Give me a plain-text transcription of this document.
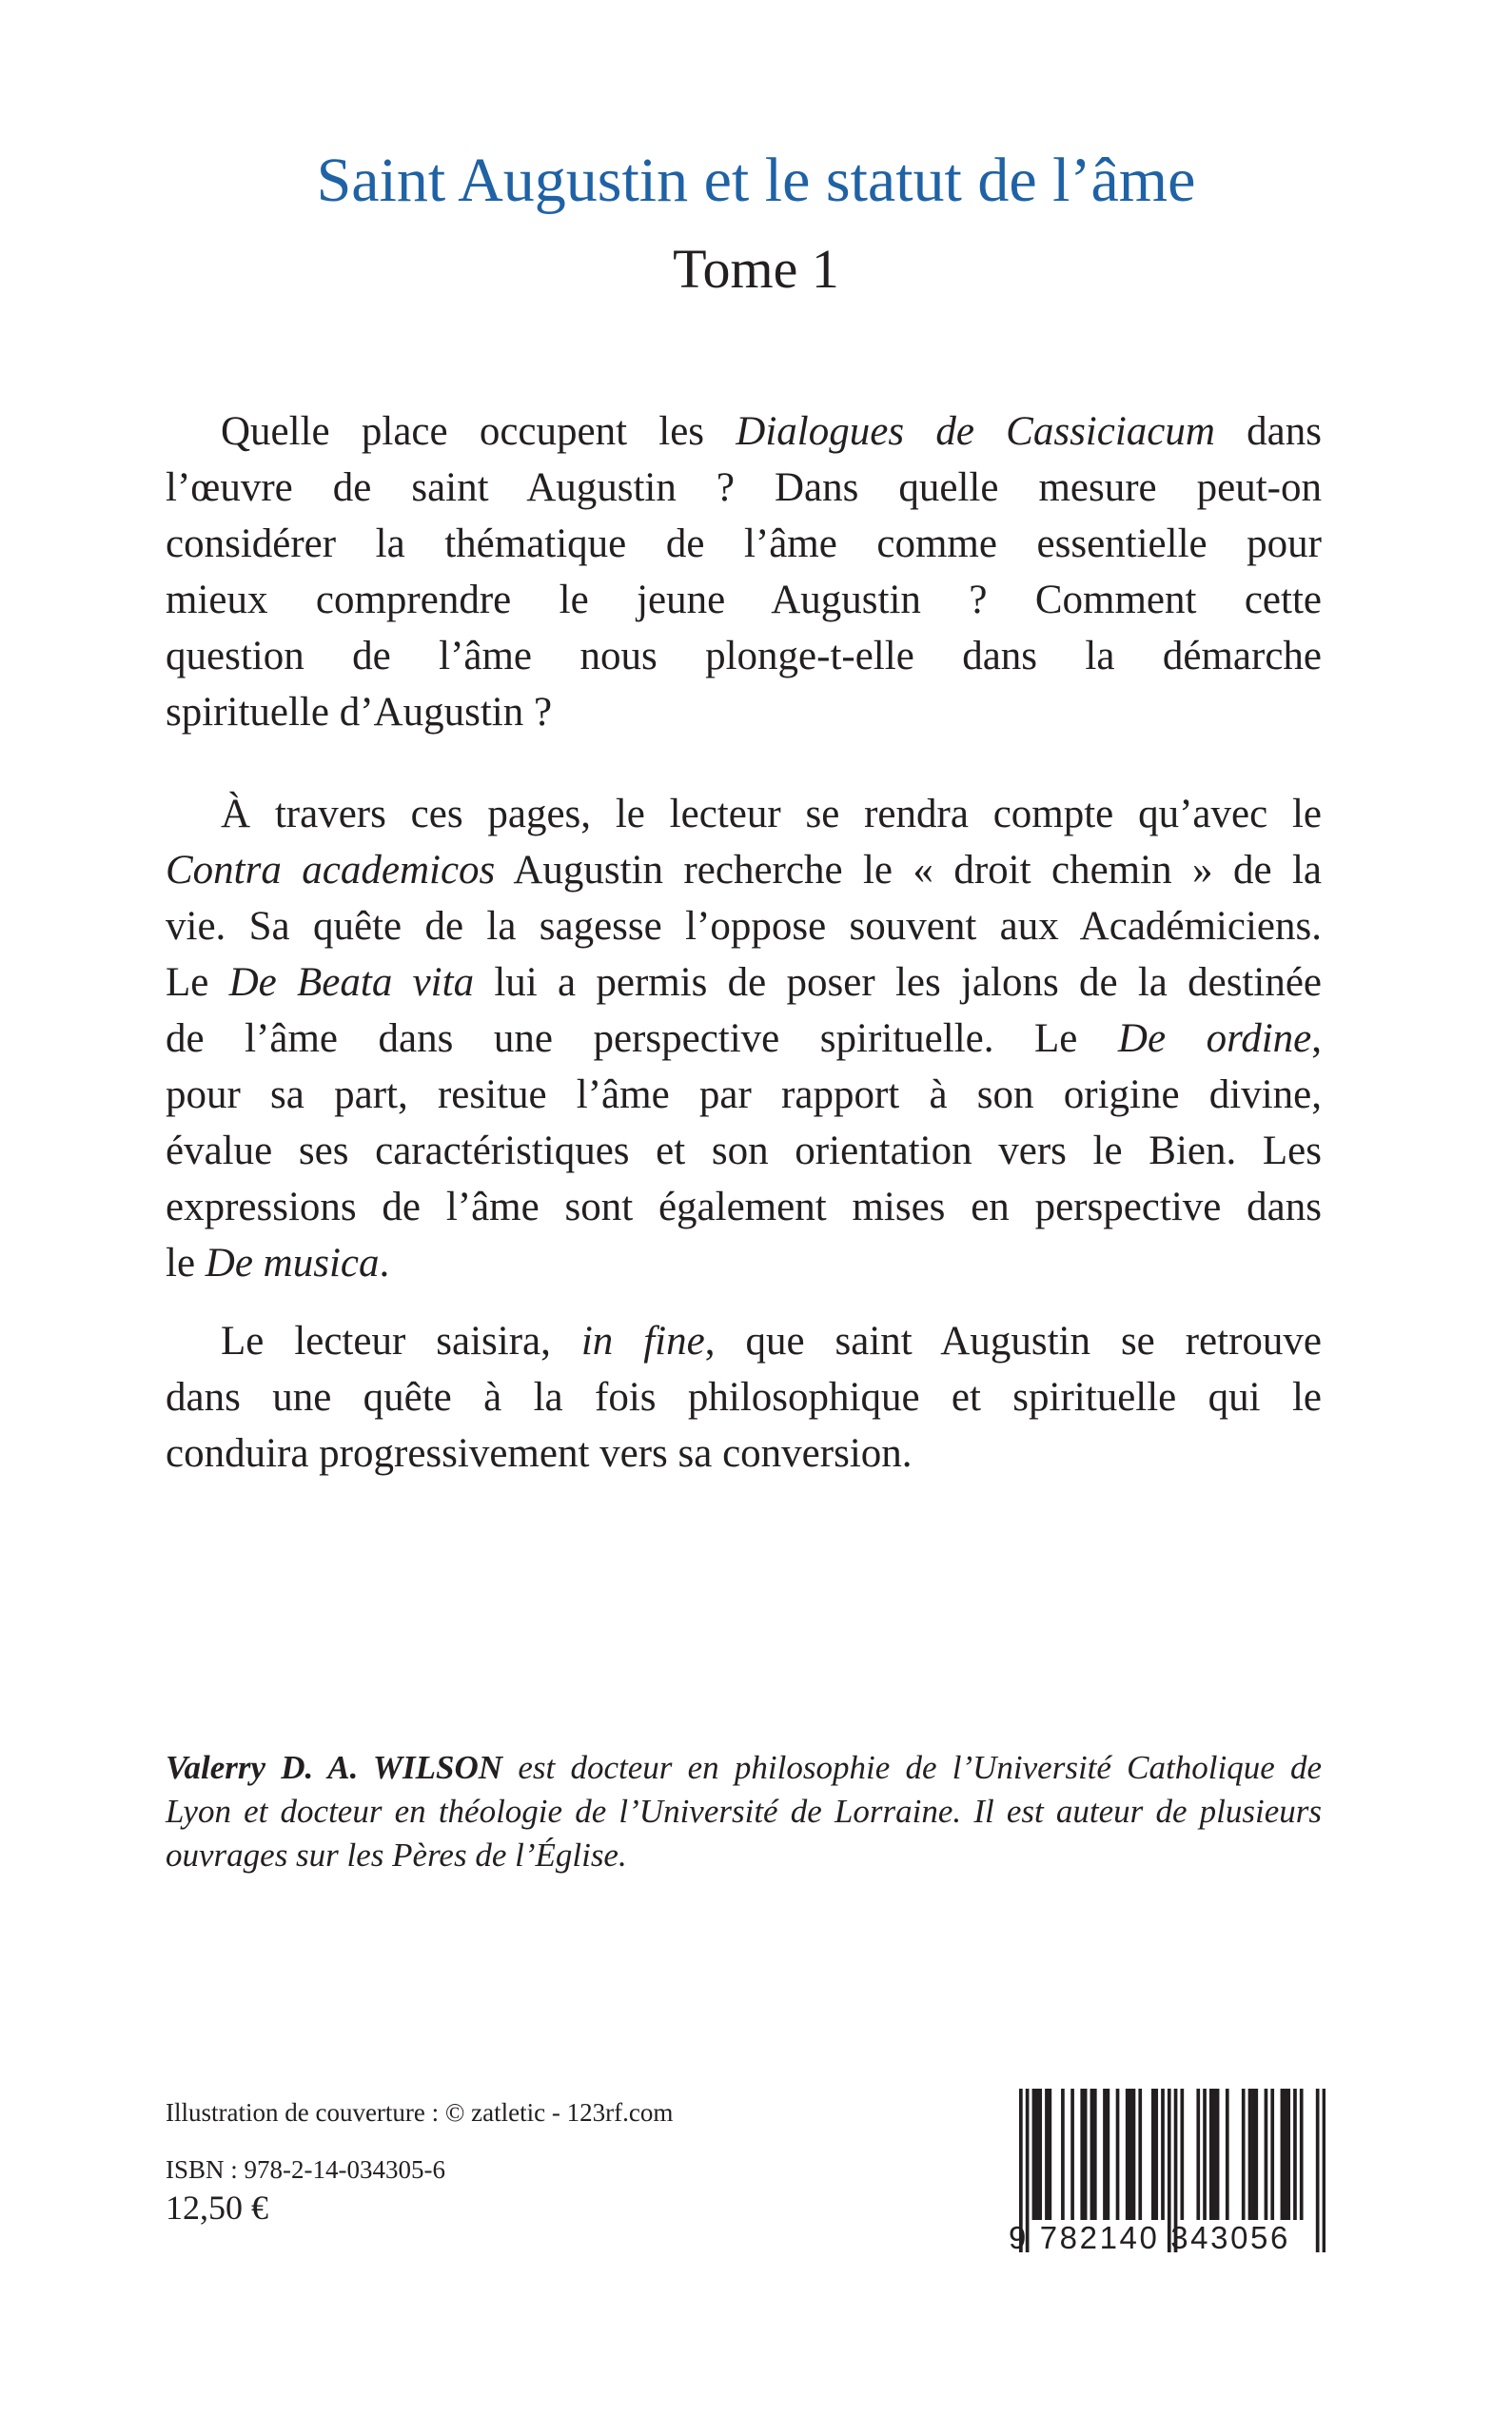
Saint Augustin et le statut de l’âme
Tome 1
Quelle place occupent les Dialogues de Cassiciacum dans
l’œuvre de saint Augustin ? Dans quelle mesure peut-on
considérer la thématique de l’âme comme essentielle pour
mieux comprendre le jeune Augustin ? Comment cette
question de l’âme nous plonge-t-elle dans la démarche
spirituelle d’Augustin ?
À travers ces pages, le lecteur se rendra compte qu’avec le
Contra academicos Augustin recherche le « droit chemin » de la
vie. Sa quête de la sagesse l’oppose souvent aux Académiciens.
Le De Beata vita lui a permis de poser les jalons de la destinée
de l’âme dans une perspective spirituelle. Le De ordine,
pour sa part, resitue l’âme par rapport à son origine divine,
évalue ses caractéristiques et son orientation vers le Bien. Les
expressions de l’âme sont également mises en perspective dans
le De musica.
Le lecteur saisira, in fine, que saint Augustin se retrouve
dans une quête à la fois philosophique et spirituelle qui le
conduira progressivement vers sa conversion.
Valerry D. A. WILSON est docteur en philosophie de l’Université Catholique de
Lyon et docteur en théologie de l’Université de Lorraine. Il est auteur de plusieurs
ouvrages sur les Pères de l’Église.
Illustration de couverture : © zatletic - 123rf.com
ISBN : 978-2-14-034305-6
12,50 €
9 782140 343056
